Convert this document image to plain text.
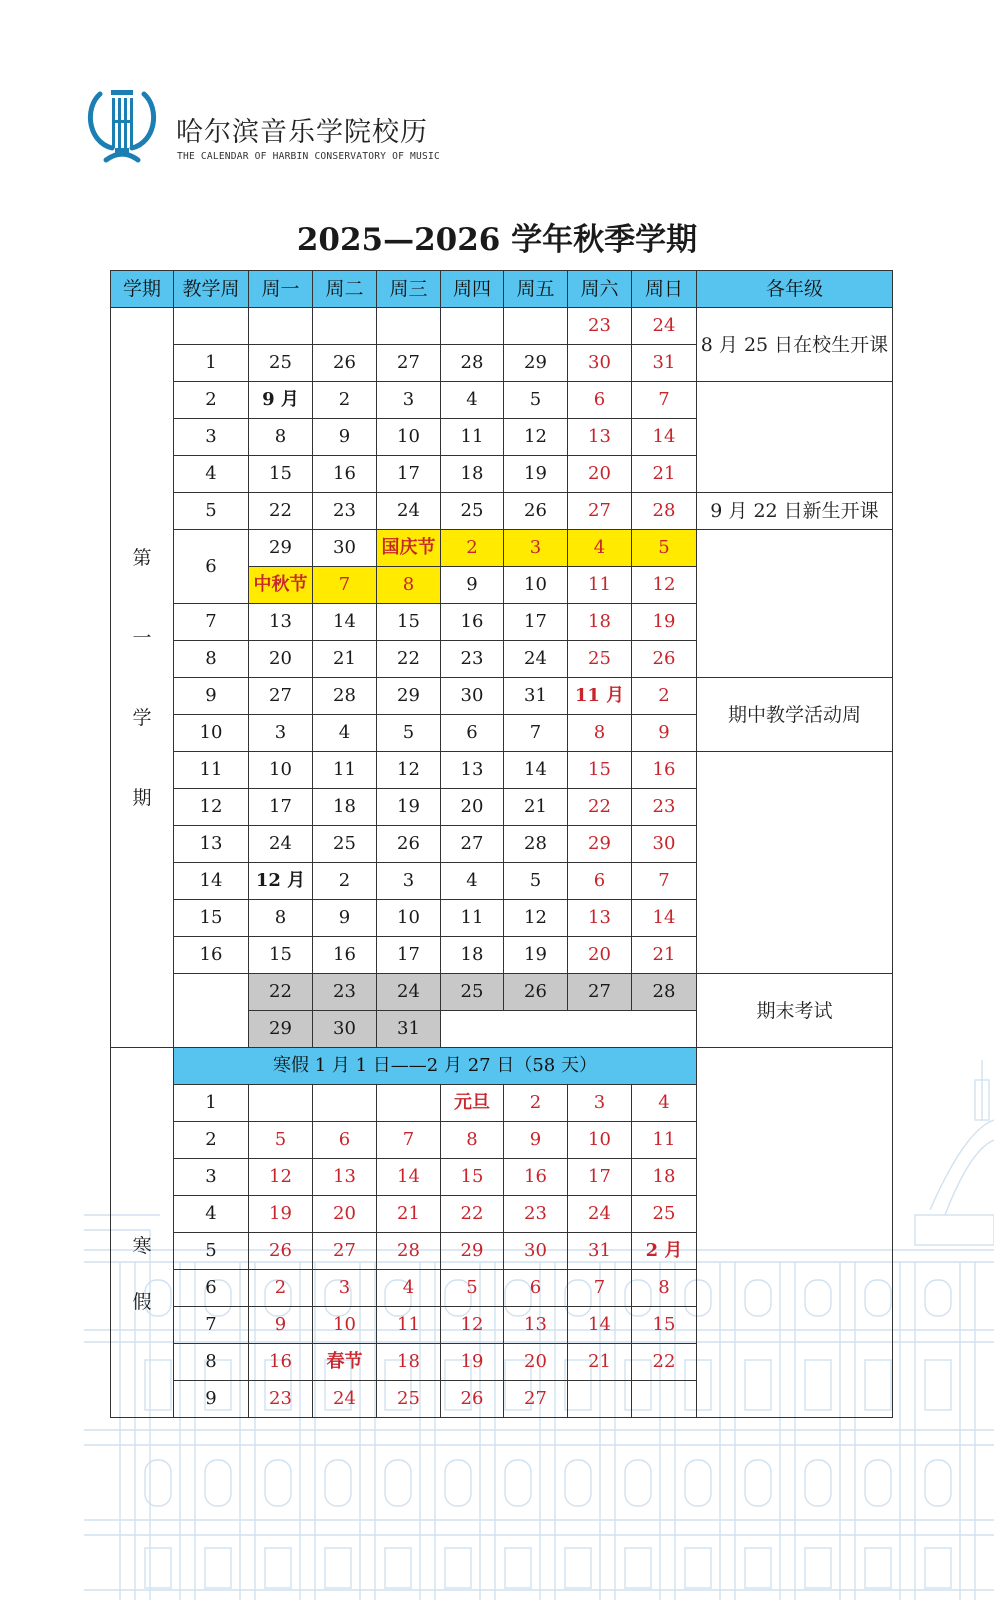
哈尔滨音乐学院校历
THE CALENDAR OF HARBIN CONSERVATORY OF MUSIC
2025—2026 学年秋季学期
学期	教学周	周一	周二	周三	周四	周五	周六	周日	各年级

第
一
学
期							23	24	8 月 25 日在校生开课
	1	25	26	27	28	29	30	31	
	2	9 月	2	3	4	5	6	7	
	3	8	9	10	11	12	13	14	
	4	15	16	17	18	19	20	21	
	5	22	23	24	25	26	27	28	9 月 22 日新生开课
	6	29	30	国庆节	2	3	4	5	
		中秋节	7	8	9	10	11	12	
	7	13	14	15	16	17	18	19	
	8	20	21	22	23	24	25	26	
	9	27	28	29	30	31	11 月	2	期中教学活动周
	10	3	4	5	6	7	8	9	
	11	10	11	12	13	14	15	16	
	12	17	18	19	20	21	22	23	
	13	24	25	26	27	28	29	30	
	14	12 月	2	3	4	5	6	7	
	15	8	9	10	11	12	13	14	
	16	15	16	17	18	19	20	21	
		22	23	24	25	26	27	28	期末考试
		29	30	31					

寒
假	寒假 1 月 1 日——2 月 27 日（58 天）								
	1				元旦	2	3	4	
	2	5	6	7	8	9	10	11	
	3	12	13	14	15	16	17	18	
	4	19	20	21	22	23	24	25	
	5	26	27	28	29	30	31	2 月	
	6	2	3	4	5	6	7	8	
	7	9	10	11	12	13	14	15	
	8	16	春节	18	19	20	21	22	
	9	23	24	25	26	27			
